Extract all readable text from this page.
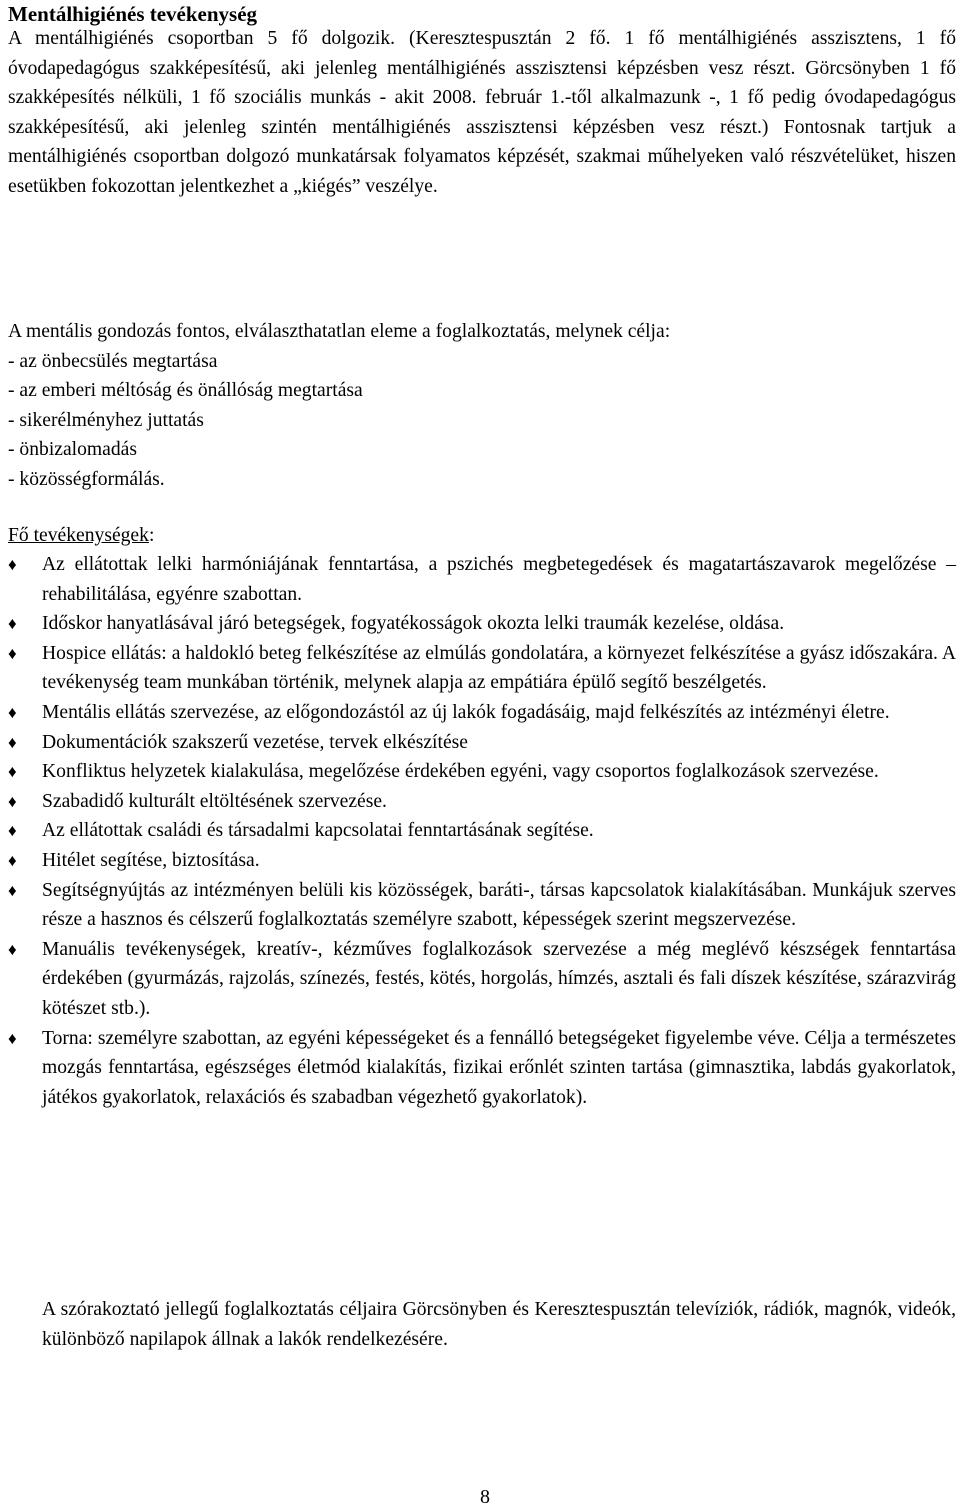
Mentálhigiénés tevékenység

A mentálhigiénés csoportban 5 fő dolgozik. (Keresztespusztán 2 fő. 1 fő mentálhigiénés asszisztens, 1 fő óvodapedagógus szakképesítésű, aki jelenleg mentálhigiénés asszisztensi képzésben vesz részt. Görcsönyben 1 fő szakképesítés nélküli, 1 fő szociális munkás - akit 2008. február 1.-től alkalmazunk -, 1 fő pedig óvodapedagógus szakképesítésű, aki jelenleg szintén mentálhigiénés asszisztensi képzésben vesz részt.) Fontosnak tartjuk a mentálhigiénés csoportban dolgozó munkatársak folyamatos képzését, szakmai műhelyeken való részvételüket, hiszen esetükben fokozottan jelentkezhet a „kiégés” veszélye.

A mentális gondozás fontos, elválaszthatatlan eleme a foglalkoztatás, melynek célja:
- az önbecsülés megtartása
- az emberi méltóság és önállóság megtartása
- sikerélményhez juttatás
- önbizalomadás
- közösségformálás.

Fő tevékenységek:

♦ Az ellátottak lelki harmóniájának fenntartása, a pszichés megbetegedések és magatartászavarok megelőzése – rehabilitálása, egyénre szabottan.
♦ Időskor hanyatlásával járó betegségek, fogyatékosságok okozta lelki traumák kezelése, oldása.
♦ Hospice ellátás: a haldokló beteg felkészítése az elmúlás gondolatára, a környezet felkészítése a gyász időszakára. A tevékenység team munkában történik, melynek alapja az empátiára épülő segítő beszélgetés.
♦ Mentális ellátás szervezése, az előgondozástól az új lakók fogadásáig, majd felkészítés az intézményi életre.
♦ Dokumentációk szakszerű vezetése, tervek elkészítése
♦ Konfliktus helyzetek kialakulása, megelőzése érdekében egyéni, vagy csoportos foglalkozások szervezése.
♦ Szabadidő kulturált eltöltésének szervezése.
♦ Az ellátottak családi és társadalmi kapcsolatai fenntartásának segítése.
♦ Hitélet segítése, biztosítása.
♦ Segítségnyújtás az intézményen belüli kis közösségek, baráti-, társas kapcsolatok kialakításában. Munkájuk szerves része a hasznos és célszerű foglalkoztatás személyre szabott, képességek szerint megszervezése.
♦ Manuális tevékenységek, kreatív-, kézműves foglalkozások szervezése a még meglévő készségek fenntartása érdekében (gyurmázás, rajzolás, színezés, festés, kötés, horgolás, hímzés, asztali és fali díszek készítése, szárazvirág kötészet stb.).
♦ Torna: személyre szabottan, az egyéni képességeket és a fennálló betegségeket figyelembe véve. Célja a természetes mozgás fenntartása, egészséges életmód kialakítás, fizikai erőnlét szinten tartása (gimnasztika, labdás gyakorlatok, játékos gyakorlatok, relaxációs és szabadban végezhető gyakorlatok).

A szórakoztató jellegű foglalkoztatás céljaira Görcsönyben és Keresztespusztán televíziók, rádiók, magnók, videók, különböző napilapok állnak a lakók rendelkezésére.

8
